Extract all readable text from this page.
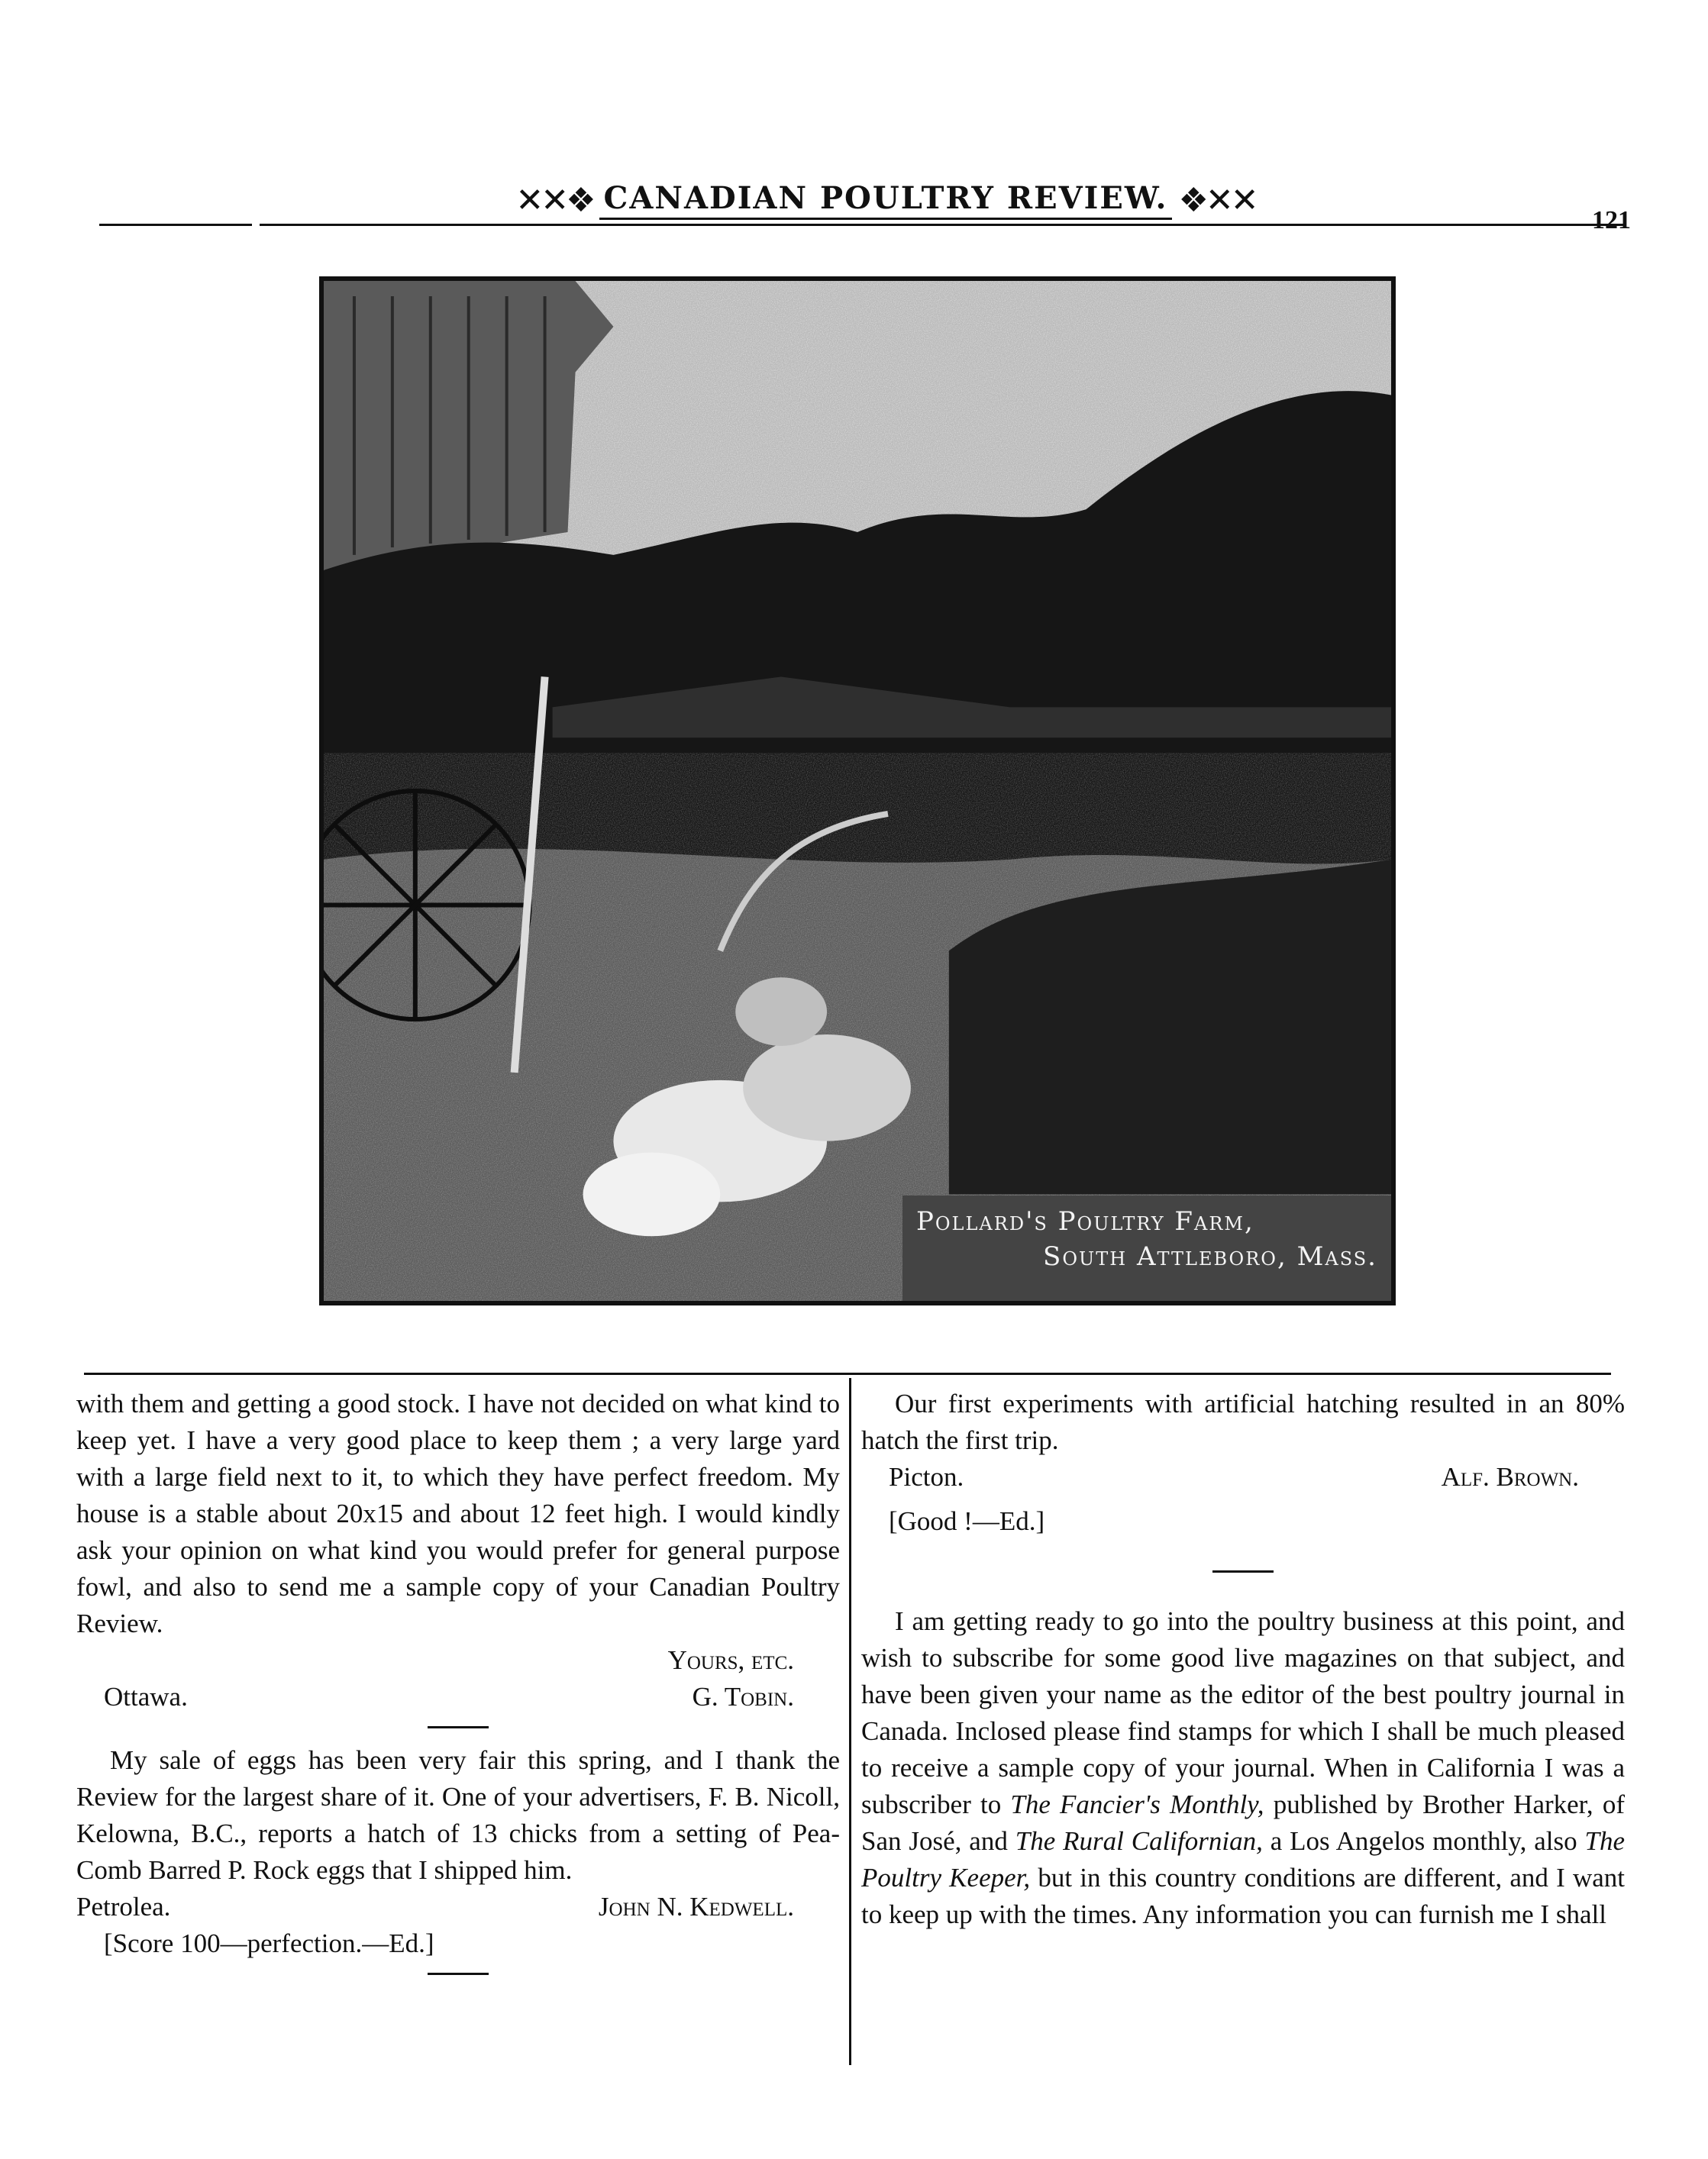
✕✕❖ CANADIAN POULTRY REVIEW. ❖✕✕
121
Pollard's Poultry Farm,
South Attleboro, Mass.

with them and getting a good stock. I have not decided on what kind to keep yet. I have a very good place to keep them ; a very large yard with a large field next to it, to which they have perfect freedom. My house is a stable about 20x15 and about 12 feet high. I would kindly ask your opinion on what kind you would prefer for general purpose fowl, and also to send me a sample copy of your Canadian Poultry Review.

Yours, etc.
Ottawa.	G. Tobin.

My sale of eggs has been very fair this spring, and I thank the Review for the largest share of it. One of your advertisers, F. B. Nicoll, Kelowna, B.C., reports a hatch of 13 chicks from a setting of Pea-Comb Barred P. Rock eggs that I shipped him.

Petrolea.	John N. Kedwell.

[Score 100—perfection.—Ed.]

Our first experiments with artificial hatching resulted in an 80% hatch the first trip.

Picton.	Alf. Brown.

[Good !—Ed.]

I am getting ready to go into the poultry business at this point, and wish to subscribe for some good live magazines on that subject, and have been given your name as the editor of the best poultry journal in Canada. Inclosed please find stamps for which I shall be much pleased to receive a sample copy of your journal. When in California I was a subscriber to The Fancier's Monthly, published by Brother Harker, of San José, and The Rural Californian, a Los Angelos monthly, also The Poultry Keeper, but in this country conditions are different, and I want to keep up with the times. Any information you can furnish me I shall
